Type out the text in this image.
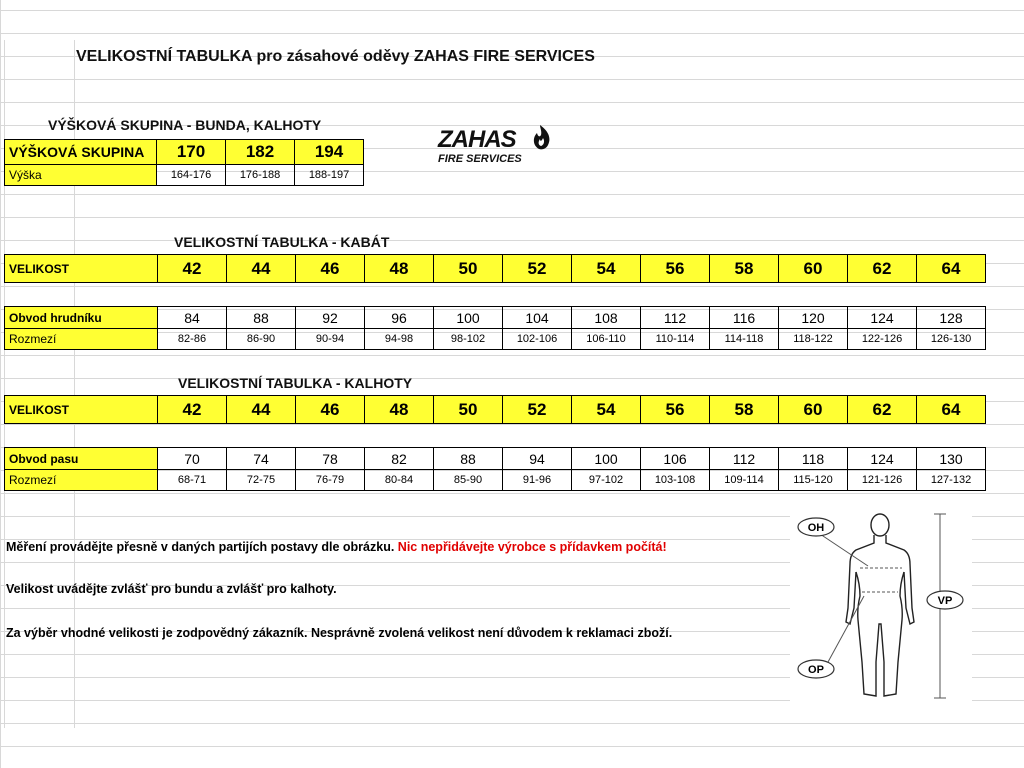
VELIKOSTNÍ TABULKA pro zásahové oděvy ZAHAS FIRE SERVICES
VÝŠKOVÁ SKUPINA - BUNDA, KALHOTY
VÝŠKOVÁ SKUPINA	170	182	194
Výška	164-176	176-188	188-197
ZAHAS
FIRE SERVICES
VELIKOSTNÍ TABULKA - KABÁT
VELIKOST	42	44	46	48	50	52	54	56	58	60	62	64
Obvod hrudníku	84	88	92	96	100	104	108	112	116	120	124	128
Rozmezí	82-86	86-90	90-94	94-98	98-102	102-106	106-110	110-114	114-118	118-122	122-126	126-130
VELIKOSTNÍ TABULKA - KALHOTY
VELIKOST	42	44	46	48	50	52	54	56	58	60	62	64
Obvod pasu	70	74	78	82	88	94	100	106	112	118	124	130
Rozmezí	68-71	72-75	76-79	80-84	85-90	91-96	97-102	103-108	109-114	115-120	121-126	127-132
Měření provádějte přesně v daných partijích postavy dle obrázku. Nic nepřidávejte výrobce s přídavkem počítá!
Velikost uvádějte zvlášť pro bundu a zvlášť pro kalhoty.
Za výběr vhodné velikosti je zodpovědný zákazník. Nesprávně zvolená velikost není důvodem k reklamaci zboží.
OH
OP
VP
